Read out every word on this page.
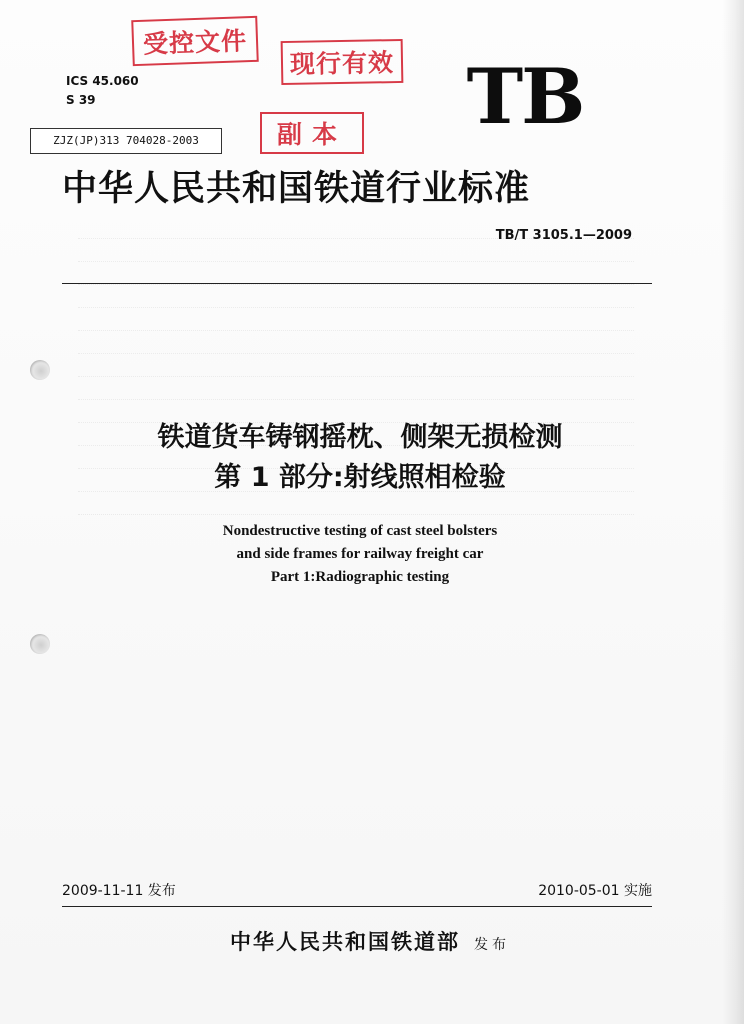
受控文件
现行有效
副本
ICS 45.060
S 39
ZJZ(JP)313 704028-2003	TB
中华人民共和国铁道行业标准
TB/T 3105.1—2009
铁道货车铸钢摇枕、侧架无损检测
第 1 部分:射线照相检验
Nondestructive testing of cast steel bolsters
and side frames for railway freight car
Part 1:Radiographic testing
2009-11-11 发布	2010-05-01 实施
中华人民共和国铁道部 发布
